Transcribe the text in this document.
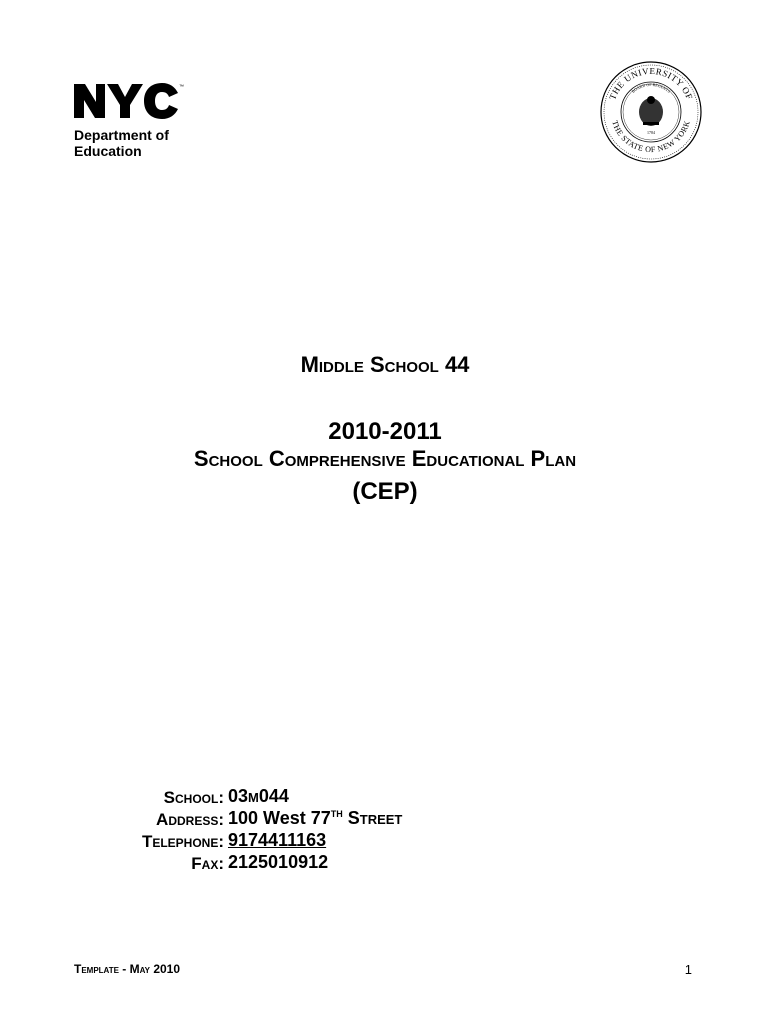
™
Department of
Education
THE UNIVERSITY OF
THE STATE OF NEW YORK
BOARD OF REGENTS
1784
Middle School 44
2010-2011
School Comprehensive Educational Plan
(CEP)
School: 03m044
Address: 100 West 77TH Street
Telephone: 9174411163
Fax: 2125010912
Template - May 2010	1
